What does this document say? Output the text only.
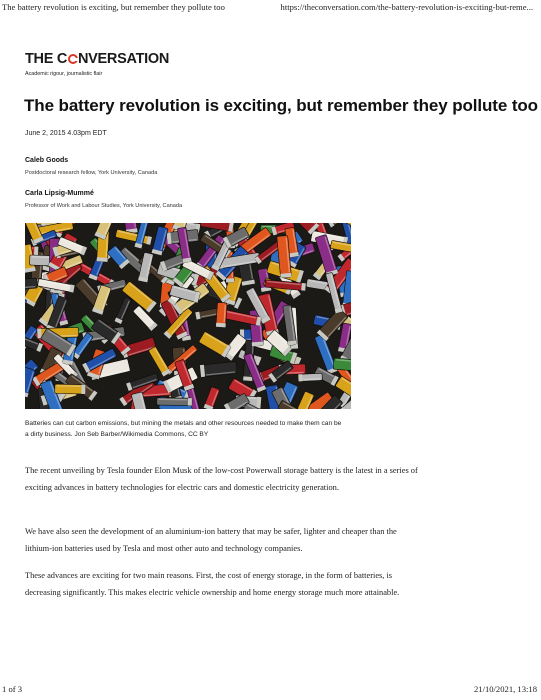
The battery revolution is exciting, but remember they pollute too	https://theconversation.com/the-battery-revolution-is-exciting-but-reme...
THE C NVERSATION
Academic rigour, journalistic flair
The battery revolution is exciting, but remember they pollute too
June 2, 2015 4.03pm EDT
Caleb Goods
Postdoctoral research fellow, York University, Canada
Carla Lipsig-Mummé
Professor of Work and Labour Studies, York University, Canada
Batteries can cut carbon emissions, but mining the metals and other resources needed to make them can be a dirty business. Jon Seb Barber/Wikimedia Commons, CC BY
The recent unveiling by Tesla founder Elon Musk of the low-cost Powerwall storage battery is the latest in a series of exciting advances in battery technologies for electric cars and domestic electricity generation.
We have also seen the development of an aluminium-ion battery that may be safer, lighter and cheaper than the lithium-ion batteries used by Tesla and most other auto and technology companies.
These advances are exciting for two main reasons. First, the cost of energy storage, in the form of batteries, is decreasing significantly. This makes electric vehicle ownership and home energy storage much more attainable.
1 of 3	21/10/2021, 13:18
